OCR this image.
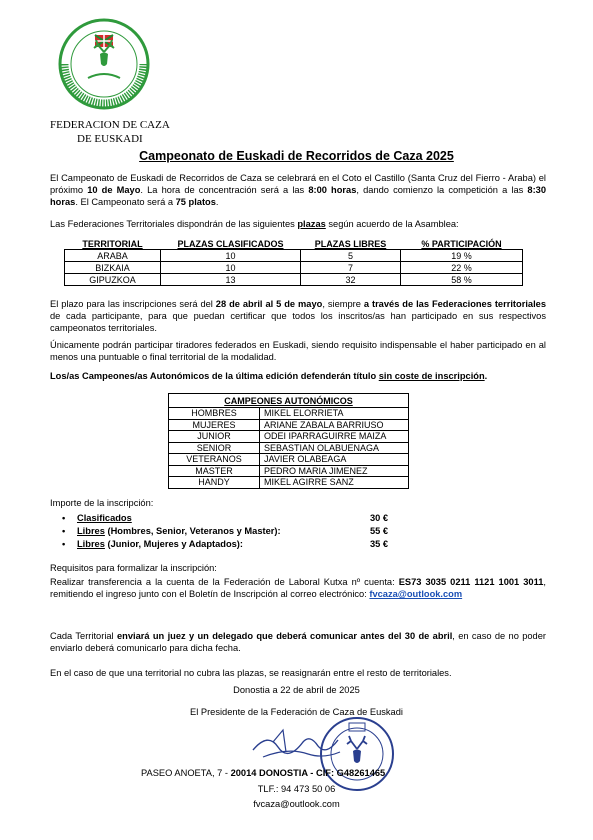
FEDERACION DE CAZA
DE EUSKADI
Campeonato de Euskadi de Recorridos de Caza 2025
El Campeonato de Euskadi de Recorridos de Caza se celebrará en el Coto el Castillo (Santa Cruz del Fierro - Araba) el próximo 10 de Mayo. La hora de concentración será a las 8:00 horas, dando comienzo la competición a las 8:30 horas. El Campeonato será a 75 platos.
Las Federaciones Territoriales dispondrán de las siguientes plazas según acuerdo de la Asamblea:
TERRITORIAL	PLAZAS CLASIFICADOS	PLAZAS LIBRES	% PARTICIPACIÓN
ARABA	10	5	19 %
BIZKAIA	10	7	22 %
GIPUZKOA	13	32	58 %
El plazo para las inscripciones será del 28 de abril al 5 de mayo, siempre a través de las Federaciones territoriales de cada participante, para que puedan certificar que todos los inscritos/as han participado en sus respectivos campeonatos territoriales.
Únicamente podrán participar tiradores federados en Euskadi, siendo requisito indispensable el haber participado en al menos una puntuable o final territorial de la modalidad.
Los/as Campeones/as Autonómicos de la última edición defenderán título sin coste de inscripción.
CAMPEONES AUTONÓMICOS	
HOMBRES	MIKEL ELORRIETA
MUJERES	ARIANE ZABALA BARRIUSO
JUNIOR	ODEI IPARRAGUIRRE MAIZA
SENIOR	SEBASTIAN OLABUENAGA
VETERANOS	JAVIER OLABEAGA
MASTER	PEDRO MARIA JIMENEZ
HANDY	MIKEL AGIRRE SANZ
Importe de la inscripción:
• Clasificados	30 €
• Libres (Hombres, Senior, Veteranos y Master):	55 €
• Libres (Junior, Mujeres y Adaptados):	35 €
Requisitos para formalizar la inscripción:
Realizar transferencia a la cuenta de la Federación de Laboral Kutxa nº cuenta: ES73 3035 0211 1121 1001 3011, remitiendo el ingreso junto con el Boletín de Inscripción al correo electrónico: fvcaza@outlook.com
Cada Territorial enviará un juez y un delegado que deberá comunicar antes del 30 de abril, en caso de no poder enviarlo deberá comunicarlo para dicha fecha.
En el caso de que una territorial no cubra las plazas, se reasignarán entre el resto de territoriales.
Donostia a 22 de abril de 2025
El Presidente de la Federación de Caza de Euskadi
PASEO ANOETA, 7 - 20014 DONOSTIA - CIF: G48261465
TLF.: 94 473 50 06
fvcaza@outlook.com
